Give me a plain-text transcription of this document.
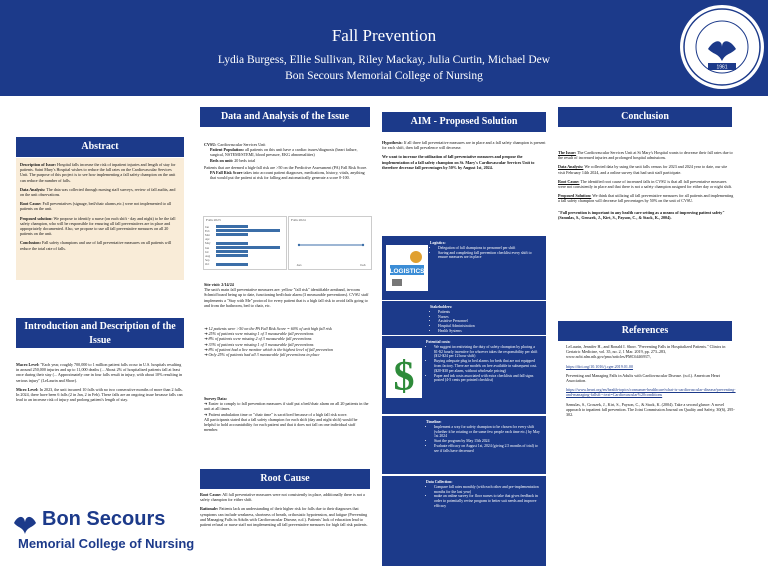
Fall Prevention
Lydia Burgess, Ellie Sullivan, Riley Mackay, Julia Curtin, Michael Dew
Bon Secours Memorial College of Nursing
1961
Abstract

Description of Issue: Hospital falls increase the risk of inpatient injuries and length of stay for patients. Saint Mary's Hospital wishes to reduce the fall rates on the Cardiovascular Services Unit. The purpose of this project is to see how implementing a fall safety champion on the unit can reduce the number of falls.

Data Analysis: The data was collected through nursing staff surveys, review of fall audits, and on the unit observations.

Root Cause: Fall preventatives (signage, bed/chair alarms,etc.) were not implemented to all patients on the unit.

Proposed solution: We propose to identify a nurse (on each shift - day and night) to be the fall safety champion, who will be responsible for ensuring all fall preventatives are in place and appropriately documented. Also, we propose to use all fall preventative measures on all 20 patients on the unit.

Conclusion: Fall safety champions and use of fall preventative measures on all patients will reduce the total rate of falls.

Introduction and Description of the Issue

Macro Level: "Each year, roughly 700,000 to 1 million patient falls occur in U.S. hospitals resulting in around 250,000 injuries and up to 11,000 deaths (... About 2% of hospitalized patients fall at least once during their stay (... Approximately one in four falls result in injury, with about 10% resulting in serious injury" (LeLaurin and Shorr).

Micro Level: In 2023, the unit incurred 10 falls with no two consecutive months of more than 2 falls. In 2024, there have been 6 falls (2 in Jan, 2 in Feb). These falls are an ongoing issue because falls can lead to an increase risk of injury and prolong patient's length of stay.

Bon Secours
Memorial College of Nursing
Data and Analysis of the Issue
CVSU: Cardiovascular Services Unit
Patient Population: all patients on this unit have a cardiac issues/diagnosis (heart failure, surgical, NSTEMI/STEMI, blood pressure, EKG abnormalities)
Beds on unit: 20 beds total
Patients that are deemed a high-fall risk are >50 on the Predictive Assessment (PA) Fall Risk Score.
PA Fall Risk Score takes into account patient diagnoses, medications, history, vitals, anything that would put the patient at risk for falling and automatically generate a score 0-100.
Falls 2023
Jan
Feb
Mar
Apr
May
Jun
Jul
Aug
Sep
Oct
Falls 2024
Jan	Feb
Site visit: 2/14/24
The unit's main fall preventative measures are: yellow "fall risk" identifiable armband, in-room Schmid board being up to date, functioning bed/chair alarm (3 measurable preventions). CVSU staff implements a "Stay with Me" protocol for every patient that is a high fall risk to avoid falls going to and from the bathroom, bed to chair, etc.
➔ 12 patients were >50 on the PA Fall Risk Score = 60% of unit high fall risk
➔ 25% of patients were missing 1 of 3 measurable fall preventions
➔ 8% of patients were missing 2 of 3 measurable fall preventions
➔ 33% of patients were missing 1 of 3 measurable fall preventions
➔ 8% of patient had a live monitor which is the highest level of fall prevention
➔ Only 25% of patients had all 3 measurable fall preventions in place
Survey Data:
➔ Easier to comply to fall prevention measures if staff put a bed/chair alarm on all 20 patients in the unit at all times.
➔ Patient ambulation time or "chair time" is sacrificed because of a high fall risk score.
All participants stated that a fall safety champion for each shift (day and night shift) would be helpful to hold accountability for each patient and that it does not fall on one individual staff member.
Root Cause

Root Cause: All fall preventative measures were not consistently in place, additionally there is not a safety champion for either shift.

Rationale: Patients lack an understanding of their higher risk for falls due to their diagnoses that symptoms can include weakness, shortness of breath, orthostatic hypotension, and fatigue (Preventing and Managing Falls in Adults with Cardiovascular Disease, n.d.). Patients' lack of education lead to patient refusal or nurse staff not implementing all fall preventative measures for high fall risk patients.

AIM - Proposed Solution

Hypothesis: If all three fall preventative measures are in place and a fall safety champion is present for each shift, then fall prevalence will decrease.

We want to increase the utilization of fall preventative measures and propose the implementation of a fall safety champion on St. Mary's Cardiovascular Services Unit to therefore decrease fall percentages by 50% by August 1st, 2024.

LOGISTICS
Logistics:
• Delegation of fall champions to personnel per shift
• Saving and completing fall prevention checklist every shift to ensure measures are in place
Stakeholders:
• Patients
• Nurses
• Assistive Personnel
• Hospital Administration
• Health Systems
$
Potential costs:
• We suggest incentivizing the duty of safety champion by placing a $1-$2 hourly incentive for whoever takes the responsibility per shift ($12-$24 per 12 hour shift)
• Buying adequate plug in bed alarms for beds that are not equipped from factory. There are models on free available in subsequent cost. ($20-$30 per alarm, without wholesale pricing)
• Paper and ink costs associated with extra checklists and fall signs posted (4-5 cents per printed checklist)
Timeline:
• Implement a way for safety champion to be chosen for every shift (whether it be rotating or the same few people each time etc.) by May 1st 2024
• Start the program by May 15th 2024
• Evaluate efficacy on August 1st, 2024 (giving 2.5 months of trial) to see if falls have decreased
Data Collection:
• Compare fall rates monthly (with each other and pre-implementation months for the last year)
• make an online survey for floor nurses to take that gives feedback in order to potentially revise program to better suit needs and improve efficacy
Conclusion

The Issue: The Cardiovascular Services Unit at St Mary's Hospital wants to decrease their fall rates due to the result of increased injuries and prolonged hospital admissions.

Data Analysis: We collected data by using the unit falls census for 2023 and 2024 year to date, our site visit February 14th 2024, and a online survey that had unit staff participate.

Root Cause: The identified root cause of increased falls in CVSU is that all fall preventative measures were not consistently in place and that there is not a safety champion assigned for either day or night shift.

Proposed Solution: We think that utilizing all fall preventative measures for all patients and implementing a fall safety champion will decrease fall percentages by 50% on the unit of CVSU.

"Fall prevention is important in any health care setting as a means of improving patient safety" (Szmulas, S., Groszek, J., Kirt, S., Payson, C., & Stack, K., 2004).

References

LeLaurin, Jennifer H., and Ronald I. Shorr. "Preventing Falls in Hospitalized Patients." Clinics in Geriatric Medicine, vol. 35, no. 2, 1 Mar. 2019, pp. 273–283, www.ncbi.nlm.nih.gov/pmc/articles/PMC6446937/,

https://doi.org/10.1016/j.cger.2019.01.00

Preventing and Managing Falls in Adults with Cardiovascular Disease. (n.d.). American Heart Association.

https://www.heart.org/en/health-topics/consumer-healthcare/what-is-cardiovascular-disease/preventing-and-managing-falls#:~:text=Cardiovascular%20conditions

Szmulas, S., Groszek, J., Kirt, S., Payson, C., & Stack, K. (2004). Take a second glance: A novel approach to inpatient fall prevention. The Joint Commission Journal on Quality and Safety, 30(6), 295-302.
